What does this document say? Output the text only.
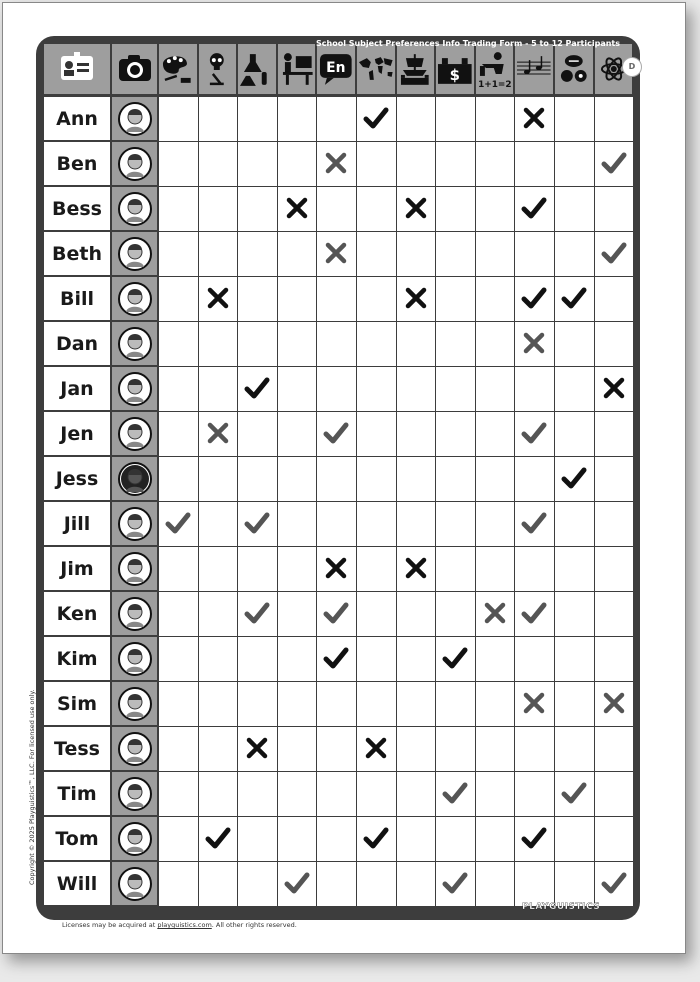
En	$
1+1=2
Ann
Ben
Bess
Beth
Bill
Dan
Jan
Jen
Jess
Jill
Jim
Ken
Kim
Sim
Tess
Tim
Tom
Will
School Subject Preferences Info Trading Form - 5 to 12 Participants
D
Copyright © 2025 Playguistics™, LLC. For licensed use only.
Licenses may be acquired at playguistics.com. All other rights reserved.
PLAYGUISTICS
